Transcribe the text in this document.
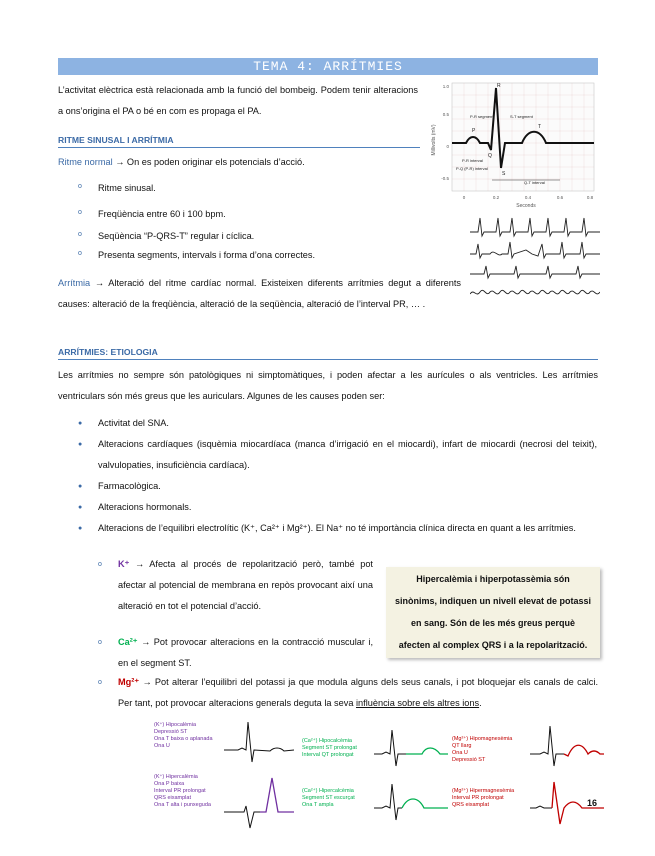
TEMA 4: ARRÍTMIES
L’activitat elèctrica està relacionada amb la funció del bombeig. Podem tenir alteracions a ons’origina el PA o bé en com es propaga el PA.
Millivolts (mV)
1.0
0.5
0
-0.5
0	0.2	0.4	0.6	0.8
Seconds
R
P
Q
S
T
P-R segment	S-T segment
P-R interval
P-Q (P-R) interval
Q-T interval
RITME SINUSAL I ARRÍTMIA
Ritme normal → On es poden originar els potencials d’acció.
o Ritme sinusal.
o Freqüència entre 60 i 100 bpm.
o Seqüència “P-QRS-T” regular i cíclica.
o Presenta segments, intervals i forma d’ona correctes.
Arrítmia → Alteració del ritme cardíac normal. Existeixen diferents arrítmies degut a diferents causes: alteració de la freqüència, alteració de la seqüència, alteració de l’interval PR, … .
ARRÍTMIES: ETIOLOGIA
Les arrítmies no sempre són patològiques ni simptomàtiques, i poden afectar a les aurícules o als ventricles. Les arrítmies ventriculars són més greus que les auriculars. Algunes de les causes poden ser:
● Activitat del SNA.
● Alteracions cardíaques (isquèmia miocardíaca (manca d’irrigació en el miocardi), infart de miocardi (necrosi del teixit), valvulopaties, insuficiència cardíaca).
● Farmacològica.
● Alteracions hormonals.
● Alteracions de l’equilibri electrolític (K⁺, Ca²⁺ i Mg²⁺). El Na⁺ no té importància clínica directa en quant a les arrítmies.
o K⁺ → Afecta al procés de repolarització però, també pot afectar al potencial de membrana en repòs provocant així una alteració en tot el potencial d’acció.
o Ca²⁺ → Pot provocar alteracions en la contracció muscular i, en el segment ST.
o Mg²⁺ → Pot alterar l’equilibri del potassi ja que modula alguns dels seus canals, i pot bloquejar els canals de calci. Per tant, pot provocar alteracions generals deguta la seva influència sobre els altres ions.
Hipercalèmia i hiperpotassèmia són sinònims, indiquen un nivell elevat de potassi en sang. Són de les més greus perquè afecten al complex QRS i a la repolarització.
(K⁺) Hipocalèmia
Depressió ST
Ona T baixa o aplanada
Ona U
(Ca²⁺) Hipocalcèmia
Segment ST prolongat
Interval QT prolongat
(Mg²⁺) Hipomagnesèmia
QT llarg
Ona U
Depressió ST
(K⁺) Hipercalèmia
Ona P baixa
Interval PR prolongat
QRS eixamplat
Ona T alta i punxeguda
(Ca²⁺) Hipercalcèmia
Segment ST escurçat
Ona T ampla
(Mg²⁺) Hipermagnesèmia
Interval PR prolongat
QRS eixamplat	16
